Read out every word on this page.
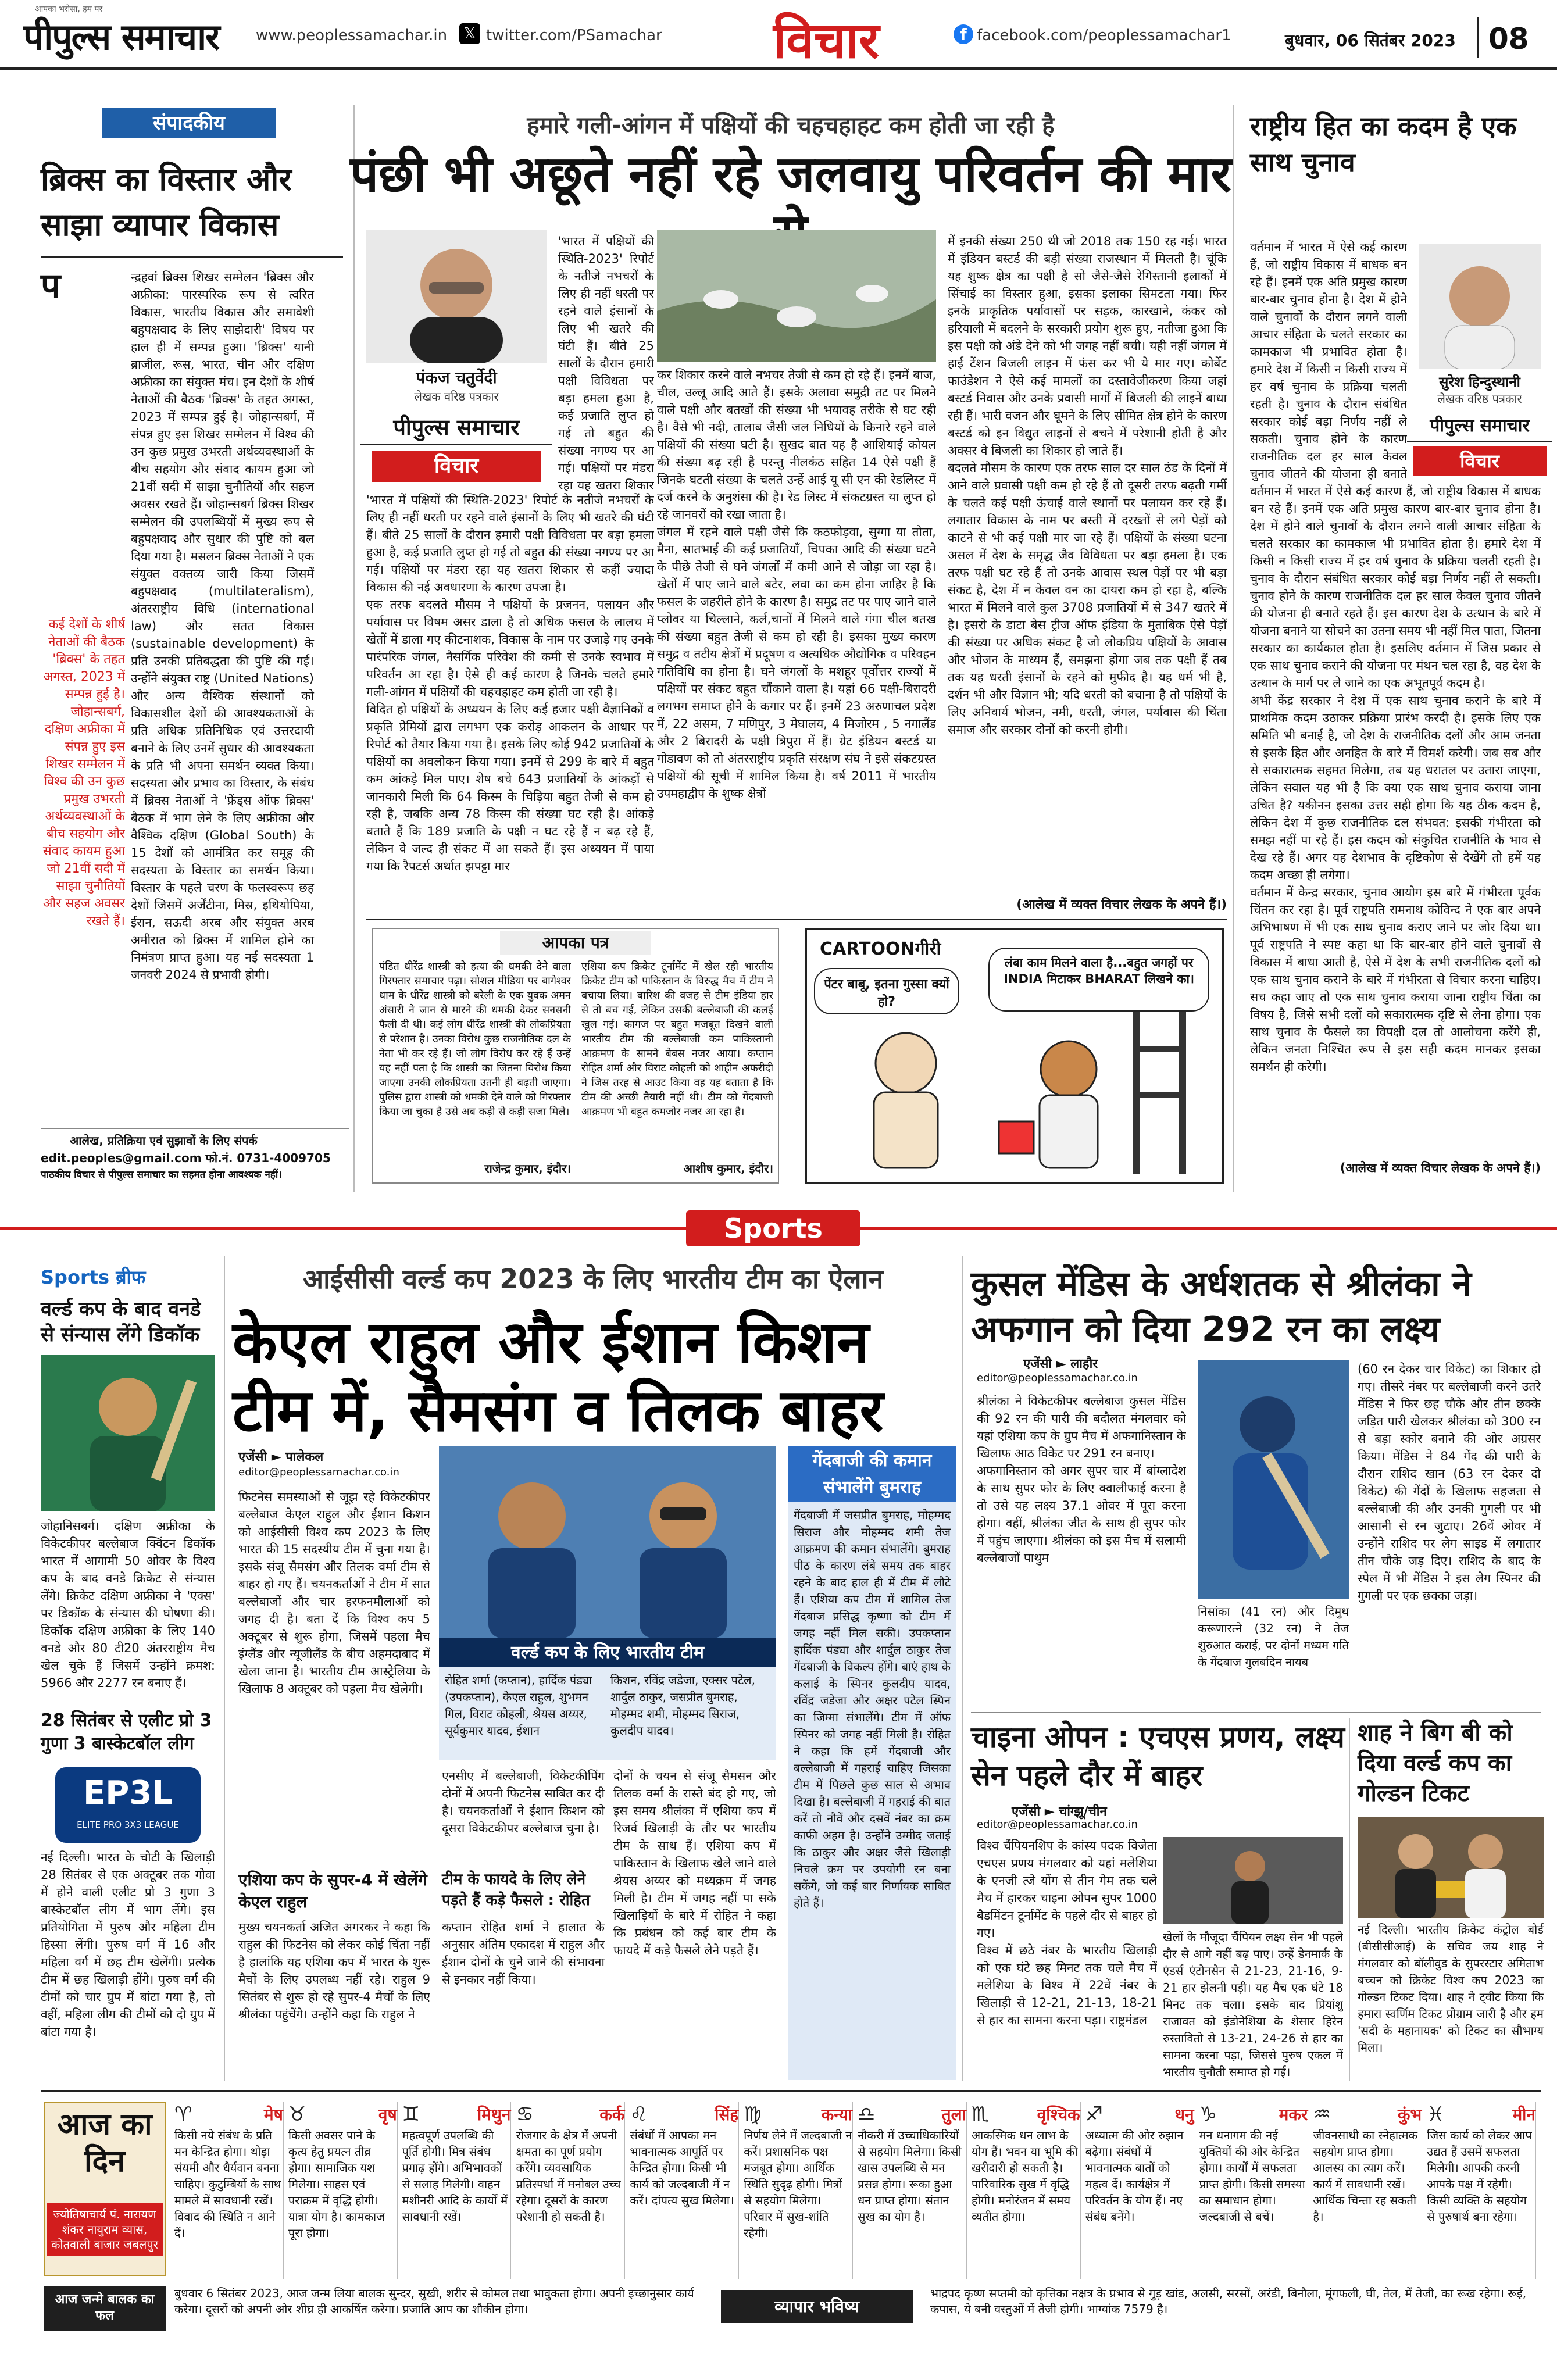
आपका भरोसा, हम पर
पीपुल्स समाचार www.peoplessamachar.in 𝕏 twitter.com/PSamachar विचार	f facebook.com/peoplessamachar1	बुधवार, 06 सितंबर 2023 08
संपादकीय
ब्रिक्स का विस्तार और साझा व्यापार विकास
प	न्द्रहवां ब्रिक्स शिखर सम्मेलन 'ब्रिक्स और अफ्रीका: पारस्परिक रूप से त्वरित विकास, भारतीय विकास और समावेशी बहुपक्षवाद के लिए साझेदारी' विषय पर हाल ही में सम्पन्न हुआ। 'ब्रिक्स' यानी ब्राजील, रूस, भारत, चीन और दक्षिण अफ्रीका का संयुक्त मंच। इन देशों के शीर्ष नेताओं की बैठक 'ब्रिक्स' के तहत अगस्त, 2023 में सम्पन्न हुई है। जोहान्सबर्ग, में संपन्न हुए इस शिखर सम्मेलन में विश्व की उन कुछ प्रमुख उभरती अर्थव्यवस्थाओं के बीच सहयोग और संवाद कायम हुआ जो 21वीं सदी में साझा चुनौतियों और सहज अवसर रखते हैं। जोहान्सबर्ग ब्रिक्स शिखर सम्मेलन की उपलब्धियों में मुख्य रूप से बहुपक्षवाद और सुधार की पुष्टि को बल दिया गया है। मसलन ब्रिक्स नेताओं ने एक संयुक्त वक्तव्य जारी किया जिसमें बहुपक्षवाद (multilateralism), अंतरराष्ट्रीय विधि (international law) और सतत विकास (sustainable development) के प्रति उनकी प्रतिबद्धता की पुष्टि की गई। उन्होंने संयुक्त राष्ट्र (United Nations) और अन्य वैश्विक संस्थानों को विकासशील देशों की आवश्यकताओं के प्रति अधिक प्रतिनिधिक एवं उत्तरदायी बनाने के लिए उनमें सुधार की आवश्यकता के प्रति भी अपना समर्थन व्यक्त किया। सदस्यता और प्रभाव का विस्तार, के संबंध में ब्रिक्स नेताओं ने 'फ्रेंड्स ऑफ ब्रिक्स' बैठक में भाग लेने के लिए अफ्रीका और वैश्विक दक्षिण (Global South) के 15 देशों को आमंत्रित कर समूह की सदस्यता के विस्तार का समर्थन किया। विस्तार के पहले चरण के फलस्वरूप छह देशों जिसमें अर्जेंटीना, मिस्र, इथियोपिया, ईरान, सऊदी अरब और संयुक्त अरब अमीरात को ब्रिक्स में शामिल होने का निमंत्रण प्राप्त हुआ। यह नई सदस्यता 1 जनवरी 2024 से प्रभावी होगी।
कई देशों के शीर्ष नेताओं की बैठक 'ब्रिक्स' के तहत अगस्त, 2023 में सम्पन्न हुई है। जोहान्सबर्ग, दक्षिण अफ्रीका में संपन्न हुए इस शिखर सम्मेलन में विश्व की उन कुछ प्रमुख उभरती अर्थव्यवस्थाओं के बीच सहयोग और संवाद कायम हुआ जो 21वीं सदी में साझा चुनौतियों और सहज अवसर रखते हैं।
आलेख, प्रतिक्रिया एवं सुझावों के लिए संपर्क
edit.peoples@gmail.com फो.नं. 0731-4009705
पाठकीय विचार से पीपुल्स समाचार का सहमत होना आवश्यक नहीं।
हमारे गली-आंगन में पक्षियों की चहचहाहट कम होती जा रही है
पंछी भी अछूते नहीं रहे जलवायु परिवर्तन की मार
पंकज चतुर्वेदी
लेखक वरिष्ठ पत्रकार
पीपुल्स समाचार
विचार
'भारत में पक्षियों की स्थिति-2023' रिपोर्ट के नतीजे नभचरों के लिए ही नहीं धरती पर रहने वाले इंसानों के लिए भी खतरे की घंटी हैं। बीते 25 सालों के दौरान हमारी पक्षी विविधता पर बड़ा हमला हुआ है, कई प्रजाति लुप्त हो गई तो बहुत की संख्या नगण्य पर आ गई। पक्षियों पर मंडरा रहा यह खतरा शिकार

'भारत में पक्षियों की स्थिति-2023' रिपोर्ट के नतीजे नभचरों के लिए ही नहीं धरती पर रहने वाले इंसानों के लिए भी खतरे की घंटी हैं। बीते 25 सालों के दौरान हमारी पक्षी विविधता पर बड़ा हमला हुआ है, कई प्रजाति लुप्त हो गई तो बहुत की संख्या नगण्य पर आ गई। पक्षियों पर मंडरा रहा यह खतरा शिकार से कहीं ज्यादा विकास की नई अवधारणा के कारण उपजा है।
एक तरफ बदलते मौसम ने पक्षियों के प्रजनन, पलायन और पर्यावास पर विषम असर डाला है तो अधिक फसल के लालच में खेतों में डाला गए कीटनाशक, विकास के नाम पर उजाड़े गए उनके पारंपरिक जंगल, नैसर्गिक परिवेश की कमी से उनके स्वभाव में परिवर्तन आ रहा है। ऐसे ही कई कारण है जिनके चलते हमारे गली-आंगन में पक्षियों की चहचहाहट कम होती जा रही है।
विदित हो पक्षियों के अध्ययन के लिए कई हजार पक्षी वैज्ञानिकों व प्रकृति प्रेमियों द्वारा लगभग एक करोड़ आकलन के आधार पर रिपोर्ट को तैयार किया गया है। इसके लिए कोई 942 प्रजातियों के पक्षियों का अवलोकन किया गया। इनमें से 299 के बारे में बहुत कम आंकड़े मिल पाए। शेष बचे 643 प्रजातियों के आंकड़ों से जानकारी मिली कि 64 किस्म के चिड़िया बहुत तेजी से कम हो रही है, जबकि अन्य 78 किस्म की संख्या घट रही है। आंकड़े बताते हैं कि 189 प्रजाति के पक्षी न घट रहे हैं न बढ़ रहे हैं, लेकिन वे जल्द ही संकट में आ सकते हैं। इस अध्ययन में पाया गया कि रैपटर्स अर्थात झपट्टा मार
कर शिकार करने वाले नभचर तेजी से कम हो रहे हैं। इनमें बाज, चील, उल्लू आदि आते हैं। इसके अलावा समुद्री तट पर मिलने वाले पक्षी और बतखों की संख्या भी भयावह तरीके से घट रही है। वैसे भी नदी, तालाब जैसी जल निधियों के किनारे रहने वाले पक्षियों की संख्या घटी है। सुखद बात यह है आशियाई कोयल की संख्या बढ़ रही है परन्तु नीलकंठ सहित 14 ऐसे पक्षी हैं जिनके घटती संख्या के चलते उन्हें आई यू सी एन की रेडलिस्ट में दर्ज करने के अनुशंसा की है। रेड लिस्ट में संकटग्रस्त या लुप्त हो रहे जानवरों को रखा जाता है।
जंगल में रहने वाले पक्षी जैसे कि कठफोड़वा, सुग्गा या तोता, मैना, सातभाई की कई प्रजातियाँ, चिपका आदि की संख्या घटने के पीछे तेजी से घने जंगलों में कमी आने से जोड़ा जा रहा है। खेतों में पाए जाने वाले बटेर, लवा का कम होना जाहिर है कि फसल के जहरीले होने के कारण है। समुद्र तट पर पाए जाने वाले प्लोवर या चिल्लाने, कर्ल,चानों में मिलने वाले गंगा चील बतख की संख्या बहुत तेजी से कम हो रही है। इसका मुख्य कारण समुद्र व तटीय क्षेत्रों में प्रदूषण व अत्यधिक औद्योगिक व परिवहन गतिविधि का होना है। घने जंगलों के मशहूर पूर्वोत्तर राज्यों में पक्षियों पर संकट बहुत चौंकाने वाला है। यहां 66 पक्षी-बिरादरी लगभग समाप्त होने के कगार पर हैं। इनमें 23 अरुणाचल प्रदेश में, 22 असम, 7 मणिपुर, 3 मेघालय, 4 मिजोरम , 5 नगालैंड और 2 बिरादरी के पक्षी त्रिपुरा में हैं। ग्रेट इंडियन बस्टर्ड या गोडावण को तो अंतरराष्ट्रीय प्रकृति संरक्षण संघ ने इसे संकटग्रस्त पक्षियों की सूची में शामिल किया है। वर्ष 2011 में भारतीय उपमहाद्वीप के शुष्क क्षेत्रों
में इनकी संख्या 250 थी जो 2018 तक 150 रह गई। भारत में इंडियन बस्टर्ड की बड़ी संख्या राजस्थान में मिलती है। चूंकि यह शुष्क क्षेत्र का पक्षी है सो जैसे-जैसे रेगिस्तानी इलाकों में सिंचाई का विस्तार हुआ, इसका इलाका सिमटता गया। फिर इनके प्राकृतिक पर्यावासों पर सड़क, कारखाने, कंकर को हरियाली में बदलने के सरकारी प्रयोग शुरू हुए, नतीजा हुआ कि इस पक्षी को अंडे देने को भी जगह नहीं बची। यही नहीं जंगल में हाई टेंशन बिजली लाइन में फंस कर भी ये मार गए। कोर्बेट फाउंडेशन ने ऐसे कई मामलों का दस्तावेजीकरण किया जहां बस्टर्ड निवास और उनके प्रवासी मार्गों में बिजली की लाइनें बाधा रही हैं। भारी वजन और घूमने के लिए सीमित क्षेत्र होने के कारण बस्टर्ड को इन विद्युत लाइनों से बचने में परेशानी होती है और अक्सर वे बिजली का शिकार हो जाते हैं।
बदलते मौसम के कारण एक तरफ साल दर साल ठंड के दिनों में आने वाले प्रवासी पक्षी कम हो रहे हैं तो दूसरी तरफ बढ़ती गर्मी के चलते कई पक्षी ऊंचाई वाले स्थानों पर पलायन कर रहे हैं। लगातार विकास के नाम पर बस्ती में दरख्तों से लगे पेड़ों को काटने से भी कई पक्षी मार जा रहे हैं। पक्षियों के संख्या घटना असल में देश के समृद्ध जैव विविधता पर बड़ा हमला है। एक तरफ पक्षी घट रहे हैं तो उनके आवास स्थल पेड़ों पर भी बड़ा संकट है, देश में न केवल वन का दायरा कम हो रहा है, बल्कि भारत में मिलने वाले कुल 3708 प्रजातियों में से 347 खतरे में है। इसरो के डाटा बेस ट्रीज ऑफ इंडिया के मुताबिक ऐसे पेड़ों की संख्या पर अधिक संकट है जो लोकप्रिय पक्षियों के आवास और भोजन के माध्यम हैं, समझना होगा जब तक पक्षी हैं तब तक यह धरती इंसानों के रहने को मुफीद है। यह धर्म भी है, दर्शन भी और विज्ञान भी; यदि धरती को बचाना है तो पक्षियों के लिए अनिवार्य भोजन, नमी, धरती, जंगल, पर्यावास की चिंता समाज और सरकार दोनों को करनी होगी।
(आलेख में व्यक्त विचार लेखक के अपने हैं।)
आपका पत्र
पंडित धीरेंद्र शास्त्री को हत्या की धमकी देने वाला गिरफ्तार समाचार पढ़ा। सोशल मीडिया पर बागेश्वर धाम के धीरेंद्र शास्त्री को बरेली के एक युवक अमन अंसारी ने जान से मारने की धमकी देकर सनसनी फैली दी थी। कई लोग धीरेंद्र शास्त्री की लोकप्रियता से परेशान है। उनका विरोध कुछ राजनीतिक दल के नेता भी कर रहे हैं। जो लोग विरोध कर रहे हैं उन्हें यह नहीं पता है कि शास्त्री का जितना विरोध किया जाएगा उनकी लोकप्रियता उतनी ही बढ़ती जाएगा। पुलिस द्वारा शास्त्री को धमकी देने वाले को गिरफ्तार किया जा चुका है उसे अब कड़ी से कड़ी सजा मिले।
राजेन्द्र कुमार, इंदौर।
एशिया कप क्रिकेट टूर्नामेंट में खेल रही भारतीय क्रिकेट टीम को पाकिस्तान के विरुद्ध मैच में टीम ने बचाया लिया। बारिश की वजह से टीम इंडिया हार से तो बच गई, लेकिन उसकी बल्लेबाजी की कलई खुल गई। कागज पर बहुत मजबूत दिखने वाली भारतीय टीम की बल्लेबाजी कम पाकिस्तानी आक्रमण के सामने बेबस नजर आया। कप्तान रोहित शर्मा और विराट कोहली को शाहीन अफरीदी ने जिस तरह से आउट किया वह यह बताता है कि टीम की अच्छी तैयारी नहीं थी। टीम को गेंदबाजी आक्रमण भी बहुत कमजोर नजर आ रहा है।
आशीष कुमार, इंदौर।
CARTOONगीरी
पेंटर बाबू, इतना गुस्सा क्यों हो?
लंबा काम मिलने वाला है...बहुत जगहों पर INDIA मिटाकर BHARAT लिखने का।
राष्ट्रीय हित का कदम है एक साथ चुनाव
सुरेश हिन्दुस्थानी
लेखक वरिष्ठ पत्रकार
पीपुल्स समाचार
विचार
वर्तमान में भारत में ऐसे कई कारण हैं, जो राष्ट्रीय विकास में बाधक बन रहे हैं। इनमें एक अति प्रमुख कारण बार-बार चुनाव होना है। देश में होने वाले चुनावों के दौरान लगने वाली आचार संहिता के चलते सरकार का कामकाज भी प्रभावित होता है। हमारे देश में किसी न किसी राज्य में हर वर्ष चुनाव के प्रक्रिया चलती रहती है। चुनाव के दौरान संबंधित सरकार कोई बड़ा निर्णय नहीं ले सकती। चुनाव होने के कारण राजनीतिक दल हर साल केवल चुनाव जीतने की योजना ही बनाते

वर्तमान में भारत में ऐसे कई कारण हैं, जो राष्ट्रीय विकास में बाधक बन रहे हैं। इनमें एक अति प्रमुख कारण बार-बार चुनाव होना है। देश में होने वाले चुनावों के दौरान लगने वाली आचार संहिता के चलते सरकार का कामकाज भी प्रभावित होता है। हमारे देश में किसी न किसी राज्य में हर वर्ष चुनाव के प्रक्रिया चलती रहती है। चुनाव के दौरान संबंधित सरकार कोई बड़ा निर्णय नहीं ले सकती। चुनाव होने के कारण राजनीतिक दल हर साल केवल चुनाव जीतने की योजना ही बनाते रहते हैं। इस कारण देश के उत्थान के बारे में योजना बनाने या सोचने का उतना समय भी नहीं मिल पाता, जितना सरकार का कार्यकाल होता है। इसलिए वर्तमान में जिस प्रकार से एक साथ चुनाव कराने की योजना पर मंथन चल रहा है, वह देश के उत्थान के मार्ग पर ले जाने का एक अभूतपूर्व कदम है।
अभी केंद्र सरकार ने देश में एक साथ चुनाव कराने के बारे में प्राथमिक कदम उठाकर प्रक्रिया प्रारंभ करदी है। इसके लिए एक समिति भी बनाई है, जो देश के राजनीतिक दलों और आम जनता से इसके हित और अनहित के बारे में विमर्श करेगी। जब सब और से सकारात्मक सहमत मिलेगा, तब यह धरातल पर उतारा जाएगा, लेकिन सवाल यह भी है कि क्या एक साथ चुनाव कराया जाना उचित है? यकीनन इसका उत्तर सही होगा कि यह ठीक कदम है, लेकिन देश में कुछ राजनीतिक दल संभवत: इसकी गंभीरता को समझ नहीं पा रहे हैं। इस कदम को संकुचित राजनीति के भाव से देख रहे हैं। अगर यह देशभाव के दृष्टिकोण से देखेंगे तो हमें यह कदम अच्छा ही लगेगा।
वर्तमान में केन्द्र सरकार, चुनाव आयोग इस बारे में गंभीरता पूर्वक चिंतन कर रहा है। पूर्व राष्ट्रपति रामनाथ कोविन्द ने एक बार अपने अभिभाषण में भी एक साथ चुनाव कराए जाने पर जोर दिया था। पूर्व राष्ट्रपति ने स्पष्ट कहा था कि बार-बार होने वाले चुनावों से विकास में बाधा आती है, ऐसे में देश के सभी राजनीतिक दलों को एक साथ चुनाव कराने के बारे में गंभीरता से विचार करना चाहिए। सच कहा जाए तो एक साथ चुनाव कराया जाना राष्ट्रीय चिंता का विषय है, जिसे सभी दलों को सकारात्मक दृष्टि से लेना होगा। एक साथ चुनाव के फैसले का विपक्षी दल तो आलोचना करेंगे ही, लेकिन जनता निश्चित रूप से इस सही कदम मानकर इसका समर्थन ही करेगी।
(आलेख में व्यक्त विचार लेखक के अपने हैं।)
Sports
Sports ब्रीफ
वर्ल्ड कप के बाद वनडे से संन्यास लेंगे डिकॉक
जोहानिसबर्ग। दक्षिण अफ्रीका के विकेटकीपर बल्लेबाज क्विंटन डिकॉक भारत में आगामी 50 ओवर के विश्व कप के बाद वनडे क्रिकेट से संन्यास लेंगे। क्रिकेट दक्षिण अफ्रीका ने 'एक्स' पर डिकॉक के संन्यास की घोषणा की। डिकॉक दक्षिण अफ्रीका के लिए 140 वनडे और 80 टी20 अंतरराष्ट्रीय मैच खेल चुके हैं जिसमें उन्होंने क्रमश: 5966 और 2277 रन बनाए हैं।
28 सितंबर से एलीट प्रो 3 गुणा 3 बास्केटबॉल लीग
EP3L
ELITE PRO 3X3 LEAGUE
नई दिल्ली। भारत के चोटी के खिलाड़ी 28 सितंबर से एक अक्टूबर तक गोवा में होने वाली एलीट प्रो 3 गुणा 3 बास्केटबॉल लीग में भाग लेंगे। इस प्रतियोगिता में पुरुष और महिला टीम हिस्सा लेंगी। पुरुष वर्ग में 16 और महिला वर्ग में छह टीम खेलेंगी। प्रत्येक टीम में छह खिलाड़ी होंगे। पुरुष वर्ग की टीमों को चार ग्रुप में बांटा गया है, तो वहीं, महिला लीग की टीमों को दो ग्रुप में बांटा गया है।
आईसीसी वर्ल्ड कप 2023 के लिए भारतीय टीम का ऐलान
केएल राहुल और ईशान किशन टीम में, सैमसंग व तिलक बाहर
एजेंसी ► पालेकल
editor@peoplessamachar.co.in
फिटनेस समस्याओं से जूझ रहे विकेटकीपर बल्लेबाज केएल राहुल और ईशान किशन को आईसीसी विश्व कप 2023 के लिए भारत की 15 सदस्यीय टीम में चुना गया है। इसके संजू सैमसंग और तिलक वर्मा टीम से बाहर हो गए हैं। चयनकर्ताओं ने टीम में सात बल्लेबाजों और चार हरफनमौलाओं को जगह दी है। बता दें कि विश्व कप 5 अक्टूबर से शुरू होगा, जिसमें पहला मैच इंग्लैंड और न्यूजीलैंड के बीच अहमदाबाद में खेला जाना है। भारतीय टीम आस्ट्रेलिया के खिलाफ 8 अक्टूबर को पहला मैच खेलेगी।
एशिया कप के सुपर-4 में खेलेंगे केएल राहुल
मुख्य चयनकर्ता अजित अगरकर ने कहा कि राहुल की फिटनेस को लेकर कोई चिंता नहीं है हालांकि यह एशिया कप में भारत के शुरू मैचों के लिए उपलब्ध नहीं रहे। राहुल 9 सितंबर से शुरू हो रहे सुपर-4 मैचों के लिए श्रीलंका पहुंचेंगे। उन्होंने कहा कि राहुल ने
वर्ल्ड कप के लिए भारतीय टीम
रोहित शर्मा (कप्तान), हार्दिक पंड्या (उपकप्तान), केएल राहुल, शुभमन गिल, विराट कोहली, श्रेयस अय्यर, सूर्यकुमार यादव, ईशान
किशन, रविंद्र जडेजा, एक्सर पटेल, शार्दुल ठाकुर, जसप्रीत बुमराह, मोहम्मद शमी, मोहम्मद सिराज, कुलदीप यादव।
एनसीए में बल्लेबाजी, विकेटकीपिंग दोनों में अपनी फिटनेस साबित कर दी है। चयनकर्ताओं ने ईशान किशन को दूसरा विकेटकीपर बल्लेबाज चुना है।
टीम के फायदे के लिए लेने पड़ते हैं कड़े फैसले : रोहित
कप्तान रोहित शर्मा ने हालात के अनुसार अंतिम एकादश में राहुल और ईशान दोनों के चुने जाने की संभावना से इनकार नहीं किया।
दोनों के चयन से संजू सैमसन और तिलक वर्मा के रास्ते बंद हो गए, जो इस समय श्रीलंका में एशिया कप में रिजर्व खिलाड़ी के तौर पर भारतीय टीम के साथ हैं। एशिया कप में पाकिस्तान के खिलाफ खेले जाने वाले श्रेयस अय्यर को मध्यक्रम में जगह मिली है। टीम में जगह नहीं पा सके खिलाड़ियों के बारे में रोहित ने कहा कि प्रबंधन को कई बार टीम के फायदे में कड़े फैसले लेने पड़ते हैं।
गेंदबाजी की कमान संभालेंगे बुमराह
गेंदबाजी में जसप्रीत बुमराह, मोहम्मद सिराज और मोहम्मद शमी तेज आक्रमण की कमान संभालेंगे। बुमराह पीठ के कारण लंबे समय तक बाहर रहने के बाद हाल ही में टीम में लौटे हैं। एशिया कप टीम में शामिल तेज गेंदबाज प्रसिद्ध कृष्णा को टीम में जगह नहीं मिल सकी। उपकप्तान हार्दिक पंड्या और शार्दुल ठाकुर तेज गेंदबाजी के विकल्प होंगे। बाएं हाथ के कलाई के स्पिनर कुलदीप यादव, रविंद्र जडेजा और अक्षर पटेल स्पिन का जिम्मा संभालेंगे। टीम में ऑफ स्पिनर को जगह नहीं मिली है। रोहित ने कहा कि हमें गेंदबाजी और बल्लेबाजी में गहराई चाहिए जिसका टीम में पिछले कुछ साल से अभाव दिखा है। बल्लेबाजी में गहराई की बात करें तो नौवें और दसवें नंबर का क्रम काफी अहम है। उन्होंने उम्मीद जताई कि ठाकुर और अक्षर जैसे खिलाड़ी निचले क्रम पर उपयोगी रन बना सकेंगे, जो कई बार निर्णायक साबित होते हैं।
कुसल मेंडिस के अर्धशतक से श्रीलंका ने अफगान को दिया 292 रन का लक्ष्य
एजेंसी ► लाहौर
editor@peoplessamachar.co.in
श्रीलंका ने विकेटकीपर बल्लेबाज कुसल मेंडिस की 92 रन की पारी की बदौलत मंगलवार को यहां एशिया कप के ग्रुप मैच में अफगानिस्तान के खिलाफ आठ विकेट पर 291 रन बनाए।
अफगानिस्तान को अगर सुपर चार में बांग्लादेश के साथ सुपर फोर के लिए क्वालीफाई करना है तो उसे यह लक्ष्य 37.1 ओवर में पूरा करना होगा। वहीं, श्रीलंका जीत के साथ ही सुपर फोर में पहुंच जाएगा। श्रीलंका को इस मैच में सलामी बल्लेबाजों पाथुम
निसांका (41 रन) और दिमुथ करूणारत्ने (32 रन) ने तेज शुरुआत कराई, पर दोनों मध्यम गति के गेंदबाज गुलबदिन नायब
(60 रन देकर चार विकेट) का शिकार हो गए। तीसरे नंबर पर बल्लेबाजी करने उतरे मेंडिस ने फिर छह चौके और तीन छक्के जड़ित पारी खेलकर श्रीलंका को 300 रन से बड़ा स्कोर बनाने की ओर अग्रसर किया। मेंडिस ने 84 गेंद की पारी के दौरान राशिद खान (63 रन देकर दो विकेट) की गेंदों के खिलाफ सहजता से बल्लेबाजी की और उनकी गुगली पर भी आसानी से रन जुटाए। 26वें ओवर में उन्होंने राशिद पर लेग साइड में लगातार तीन चौके जड़ दिए। राशिद के बाद के स्पेल में भी मेंडिस ने इस लेग स्पिनर की गुगली पर एक छक्का जड़ा।
चाइना ओपन : एचएस प्रणय, लक्ष्य सेन पहले दौर में बाहर
एजेंसी ► चांग्झू/चीन
editor@peoplessamachar.co.in
विश्व चैंपियनशिप के कांस्य पदक विजेता एचएस प्रणय मंगलवार को यहां मलेशिया के एनजी त्जे योंग से तीन गेम तक चले मैच में हारकर चाइना ओपन सुपर 1000 बैडमिंटन टूर्नामेंट के पहले दौर से बाहर हो गए।
विश्व में छठे नंबर के भारतीय खिलाड़ी को एक घंटे छह मिनट तक चले मैच में मलेशिया के विश्व में 22वें नंबर के खिलाड़ी से 12-21, 21-13, 18-21 से हार का सामना करना पड़ा। राष्ट्रमंडल
खेलों के मौजूदा चैंपियन लक्ष्य सेन भी पहले दौर से आगे नहीं बढ़ पाए। उन्हें डेनमार्क के एंडर्स एंटोनसेन से 21-23, 21-16, 9-21 हार झेलनी पड़ी। यह मैच एक घंटे 18 मिनट तक चला। इसके बाद प्रियांशु राजावत को इंडोनेशिया के शेसार हिरेन रुस्तावितो से 13-21, 24-26 से हार का सामना करना पड़ा, जिससे पुरुष एकल में भारतीय चुनौती समाप्त हो गई।
शाह ने बिग बी को दिया वर्ल्ड कप का गोल्डन टिकट
नई दिल्ली। भारतीय क्रिकेट कंट्रोल बोर्ड (बीसीसीआई) के सचिव जय शाह ने मंगलवार को बॉलीवुड के सुपरस्टार अमिताभ बच्चन को क्रिकेट विश्व कप 2023 का गोल्डन टिकट दिया। शाह ने ट्वीट किया कि हमारा स्वर्णिम टिकट प्रोग्राम जारी है और हम 'सदी के महानायक' को टिकट का सौभाग्य मिला।
आज का
दिन
ज्योतिषाचार्य पं. नारायण शंकर नायुराम व्यास, कोतवाली बाजार जबलपुर
♈	मेष
किसी नये संबंध के प्रति मन केन्द्रित होगा। थोड़ा संयमी और धैर्यवान बनना चाहिए। कुटुम्बियों के साथ मामले में सावधानी रखें। विवाद की स्थिति न आने दें।
♉	वृष
किसी अवसर पाने के कृत्य हेतु प्रयत्न तीव्र होगा। सामाजिक यश मिलेगा। साहस एवं पराक्रम में वृद्धि होगी। यात्रा योग है। कामकाज पूरा होगा।
♊	मिथुन
महत्वपूर्ण उपलब्धि की पूर्ति होगी। मित्र संबंध प्रगाढ़ होंगे। अभिभावकों से सलाह मिलेगी। वाहन मशीनरी आदि के कार्यों में सावधानी रखें।
♋	कर्क
रोजगार के क्षेत्र में अपनी क्षमता का पूर्ण प्रयोग करेंगे। व्यवसायिक प्रतिस्पर्धा में मनोबल उच्च रहेगा। दूसरों के कारण परेशानी हो सकती है।
♌	सिंह
संबंधों में आपका मन भावनात्मक आपूर्ति पर केन्द्रित होगा। किसी भी कार्य को जल्दबाजी में न करें। दांपत्य सुख मिलेगा।
♍	कन्या
निर्णय लेने में जल्दबाजी न करें। प्रशासनिक पक्ष मजबूत होगा। आर्थिक स्थिति सुदृढ़ होगी। मित्रों से सहयोग मिलेगा। परिवार में सुख-शांति रहेगी।
♎	तुला
नौकरी में उच्चाधिकारियों से सहयोग मिलेगा। किसी खास उपलब्धि से मन प्रसन्न होगा। रूका हुआ धन प्राप्त होगा। संतान सुख का योग है।
♏	वृश्चिक
आकस्मिक धन लाभ के योग हैं। भवन या भूमि की खरीदारी हो सकती है। पारिवारिक सुख में वृद्धि होगी। मनोरंजन में समय व्यतीत होगा।
♐	धनु
अध्यात्म की ओर रुझान बढ़ेगा। संबंधों में भावनात्मक बातों को महत्व दें। कार्यक्षेत्र में परिवर्तन के योग हैं। नए संबंध बनेंगे।
♑	मकर
मन धनागम की नई युक्तियों की ओर केन्द्रित होगा। कार्यों में सफलता प्राप्त होगी। किसी समस्या का समाधान होगा। जल्दबाजी से बचें।
♒	कुंभ
जीवनसाथी का स्नेहात्मक सहयोग प्राप्त होगा। आलस्य का त्याग करें। कार्य में सावधानी रखें। आर्थिक चिन्ता रह सकती है।
♓	मीन
जिस कार्य को लेकर आप उद्यत हैं उसमें सफलता मिलेगी। आपकी करनी आपके पक्ष में रहेगी। किसी व्यक्ति के सहयोग से पुरुषार्थ बना रहेगा।
आज जन्मे बालक का फल
बुधवार 6 सितंबर 2023, आज जन्म लिया बालक सुन्दर, सुखी, शरीर से कोमल तथा भावुकता होगा। अपनी इच्छानुसार कार्य करेगा। दूसरों को अपनी ओर शीघ्र ही आकर्षित करेगा। प्रजाति आप का शौकीन होगा।	व्यापार भविष्य
भाद्रपद कृष्ण सप्तमी को कृत्तिका नक्षत्र के प्रभाव से गुड़ खांड, अलसी, सरसों, अरंडी, बिनौला, मूंगफली, घी, तेल, में तेजी, का रूख रहेगा। रूई, कपास, ये बनी वस्तुओं में तेजी होगी। भाग्यांक 7579 है।
